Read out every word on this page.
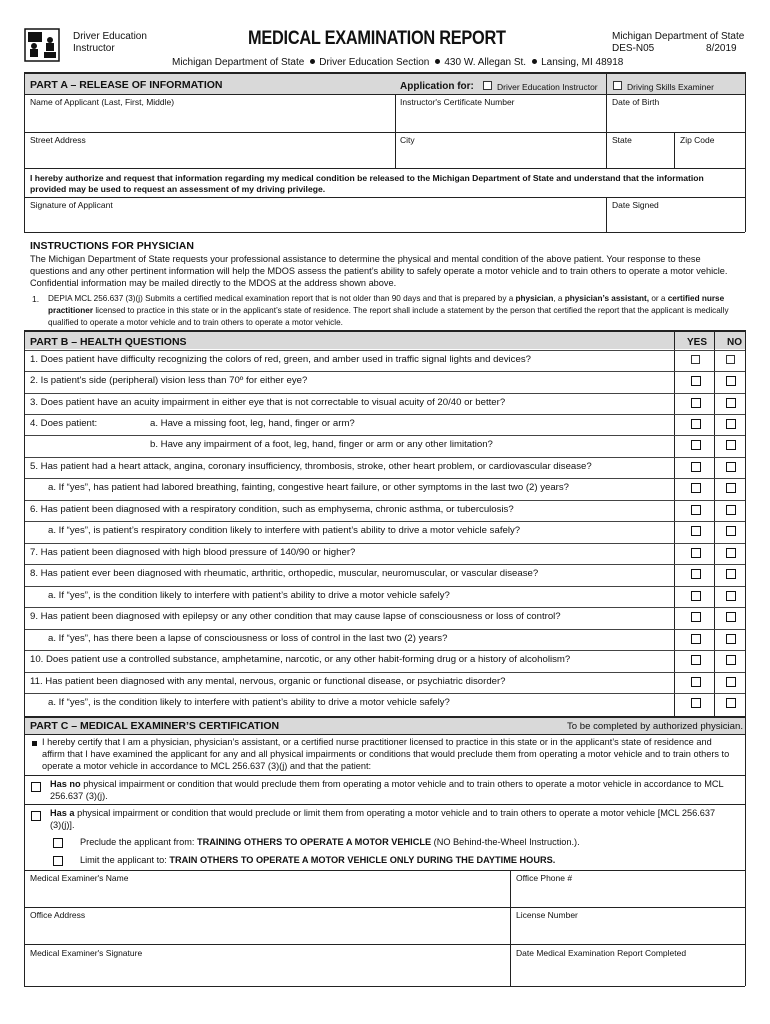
Driver Education
Instructor	MEDICAL EXAMINATION REPORT	Michigan Department of State
DES-N05	8/2019
Michigan Department of State Driver Education Section 430 W. Allegan St. Lansing, MI 48918
PART A – RELEASE OF INFORMATION	Application for:	Driver Education Instructor	Driving Skills Examiner
Name of Applicant (Last, First, Middle)	Instructor's Certificate Number	Date of Birth
Street Address	City	State	Zip Code
I hereby authorize and request that information regarding my medical condition be released to the Michigan Department of State and understand that the information provided may be used to request an assessment of my driving privilege.
Signature of Applicant	Date Signed
INSTRUCTIONS FOR PHYSICIAN
The Michigan Department of State requests your professional assistance to determine the physical and mental condition of the above patient. Your response to these
questions and any other pertinent information will help the MDOS assess the patient’s ability to safely operate a motor vehicle and to train others to operate a motor vehicle.
Confidential information may be mailed directly to the MDOS at the address shown above.
1. DEPIA MCL 256.637 (3)(j) Submits a certified medical examination report that is not older than 90 days and that is prepared by a physician, a physician’s assistant, or a certified nurse
practitioner licensed to practice in this state or in the applicant’s state of residence. The report shall include a statement by the person that certified the report that the applicant is medically
qualified to operate a motor vehicle and to train others to operate a motor vehicle.
PART B – HEALTH QUESTIONS	YES NO
1. Does patient have difficulty recognizing the colors of red, green, and amber used in traffic signal lights and devices?
2. Is patient's side (peripheral) vision less than 70º for either eye?
3. Does patient have an acuity impairment in either eye that is not correctable to visual acuity of 20/40 or better?
4. Does patient:	a. Have a missing foot, leg, hand, finger or arm?
b. Have any impairment of a foot, leg, hand, finger or arm or any other limitation?
5. Has patient had a heart attack, angina, coronary insufficiency, thrombosis, stroke, other heart problem, or cardiovascular disease?
a. If “yes”, has patient had labored breathing, fainting, congestive heart failure, or other symptoms in the last two (2) years?
6. Has patient been diagnosed with a respiratory condition, such as emphysema, chronic asthma, or tuberculosis?
a. If “yes”, is patient’s respiratory condition likely to interfere with patient’s ability to drive a motor vehicle safely?
7. Has patient been diagnosed with high blood pressure of 140/90 or higher?
8. Has patient ever been diagnosed with rheumatic, arthritic, orthopedic, muscular, neuromuscular, or vascular disease?
a. If “yes”, is the condition likely to interfere with patient’s ability to drive a motor vehicle safely?
9. Has patient been diagnosed with epilepsy or any other condition that may cause lapse of consciousness or loss of control?
a. If “yes”, has there been a lapse of consciousness or loss of control in the last two (2) years?
10. Does patient use a controlled substance, amphetamine, narcotic, or any other habit-forming drug or a history of alcoholism?
11. Has patient been diagnosed with any mental, nervous, organic or functional disease, or psychiatric disorder?
a. If “yes”, is the condition likely to interfere with patient’s ability to drive a motor vehicle safely?
PART C – MEDICAL EXAMINER’S CERTIFICATION	To be completed by authorized physician.
I hereby certify that I am a physician, physician’s assistant, or a certified nurse practitioner licensed to practice in this state or in the applicant’s state of residence and
affirm that I have examined the applicant for any and all physical impairments or conditions that would preclude them from operating a motor vehicle and to train others to
operate a motor vehicle in accordance to MCL 256.637 (3)(j) and that the patient:
Has no physical impairment or condition that would preclude them from operating a motor vehicle and to train others to operate a motor vehicle in accordance to MCL
256.637 (3)(j).
Has a physical impairment or condition that would preclude or limit them from operating a motor vehicle and to train others to operate a motor vehicle [MCL 256.637
(3)(j)].
Preclude the applicant from: TRAINING OTHERS TO OPERATE A MOTOR VEHICLE (NO Behind-the-Wheel Instruction.).
Limit the applicant to: TRAIN OTHERS TO OPERATE A MOTOR VEHICLE ONLY DURING THE DAYTIME HOURS.
Medical Examiner's Name	Office Phone #
Office Address	License Number
Medical Examiner's Signature	Date Medical Examination Report Completed
